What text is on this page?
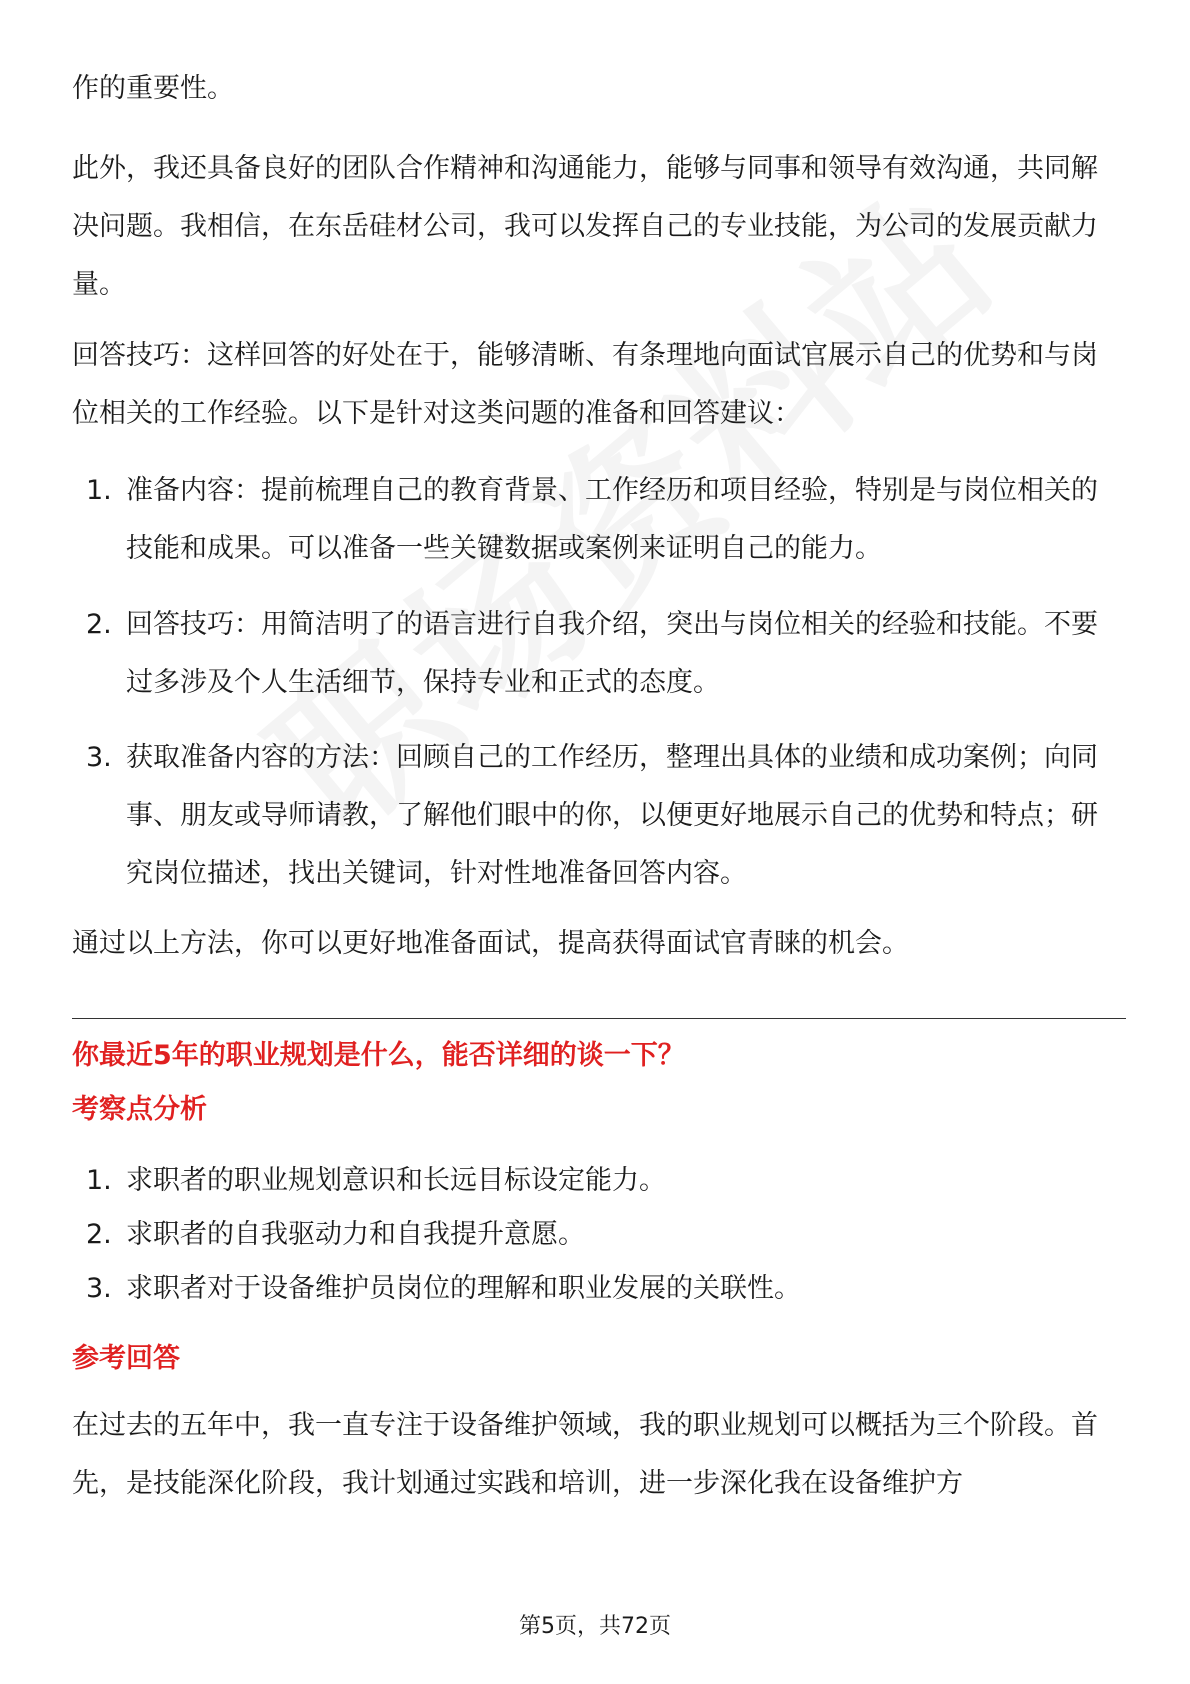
作的重要性。
此外，我还具备良好的团队合作精神和沟通能力，能够与同事和领导有效沟通，共同解决问题。我相信，在东岳硅材公司，我可以发挥自己的专业技能，为公司的发展贡献力量。
回答技巧：这样回答的好处在于，能够清晰、有条理地向面试官展示自己的优势和与岗位相关的工作经验。以下是针对这类问题的准备和回答建议：
1. 准备内容：提前梳理自己的教育背景、工作经历和项目经验，特别是与岗位相关的技能和成果。可以准备一些关键数据或案例来证明自己的能力。
2. 回答技巧：用简洁明了的语言进行自我介绍，突出与岗位相关的经验和技能。不要过多涉及个人生活细节，保持专业和正式的态度。
3. 获取准备内容的方法：回顾自己的工作经历，整理出具体的业绩和成功案例；向同事、朋友或导师请教，了解他们眼中的你，以便更好地展示自己的优势和特点；研究岗位描述，找出关键词，针对性地准备回答内容。
通过以上方法，你可以更好地准备面试，提高获得面试官青睐的机会。
你最近5年的职业规划是什么，能否详细的谈一下？
考察点分析
1. 求职者的职业规划意识和长远目标设定能力。
2. 求职者的自我驱动力和自我提升意愿。
3. 求职者对于设备维护员岗位的理解和职业发展的关联性。
参考回答
在过去的五年中，我一直专注于设备维护领域，我的职业规划可以概括为三个阶段。首先，是技能深化阶段，我计划通过实践和培训，进一步深化我在设备维护方
第5页，共72页
